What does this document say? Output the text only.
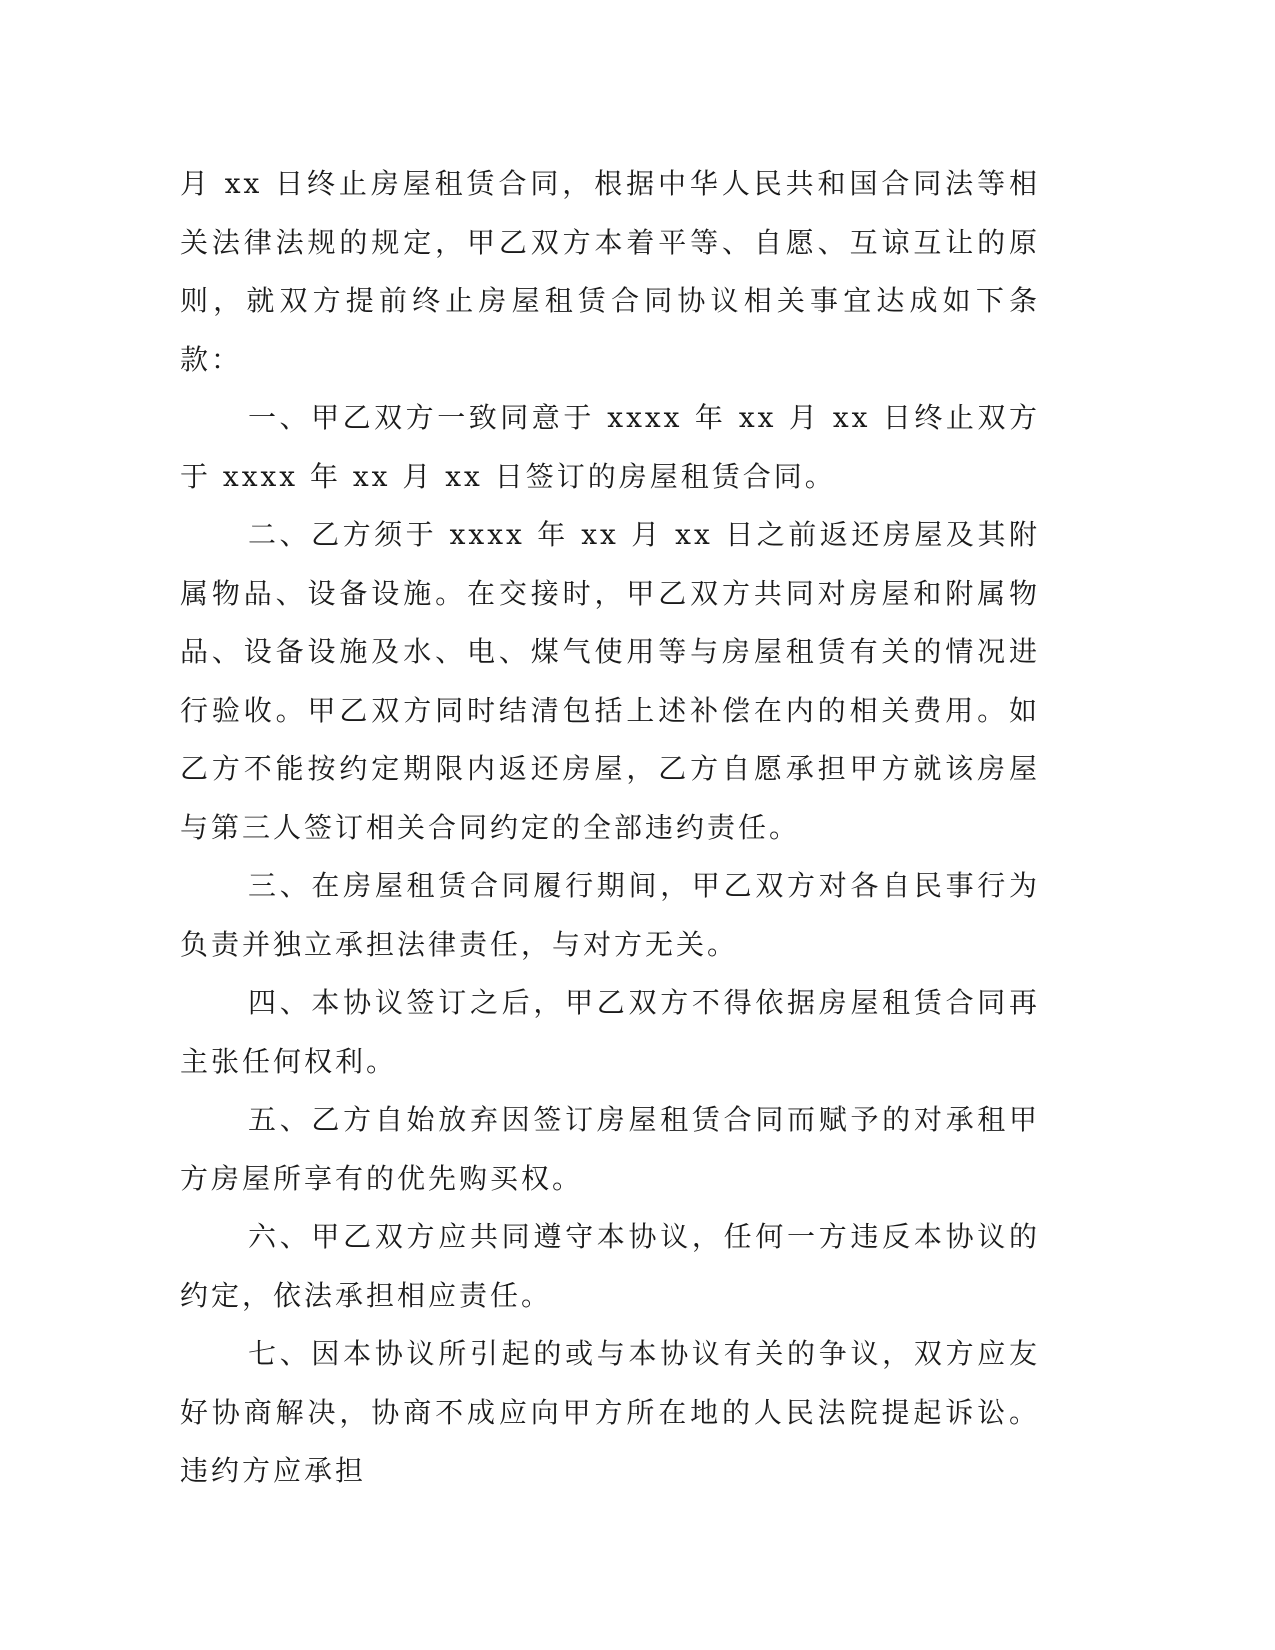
月 xx 日终止房屋租赁合同，根据中华人民共和国合同法等相关法律法规的规定，甲乙双方本着平等、自愿、互谅互让的原则，就双方提前终止房屋租赁合同协议相关事宜达成如下条款：

一、甲乙双方一致同意于 xxxx 年 xx 月 xx 日终止双方于 xxxx 年 xx 月 xx 日签订的房屋租赁合同。

二、乙方须于 xxxx 年 xx 月 xx 日之前返还房屋及其附属物品、设备设施。在交接时，甲乙双方共同对房屋和附属物品、设备设施及水、电、煤气使用等与房屋租赁有关的情况进行验收。甲乙双方同时结清包括上述补偿在内的相关费用。如乙方不能按约定期限内返还房屋，乙方自愿承担甲方就该房屋与第三人签订相关合同约定的全部违约责任。

三、在房屋租赁合同履行期间，甲乙双方对各自民事行为负责并独立承担法律责任，与对方无关。

四、本协议签订之后，甲乙双方不得依据房屋租赁合同再主张任何权利。

五、乙方自始放弃因签订房屋租赁合同而赋予的对承租甲方房屋所享有的优先购买权。

六、甲乙双方应共同遵守本协议，任何一方违反本协议的约定，依法承担相应责任。

七、因本协议所引起的或与本协议有关的争议，双方应友好协商解决，协商不成应向甲方所在地的人民法院提起诉讼。违约方应承担
